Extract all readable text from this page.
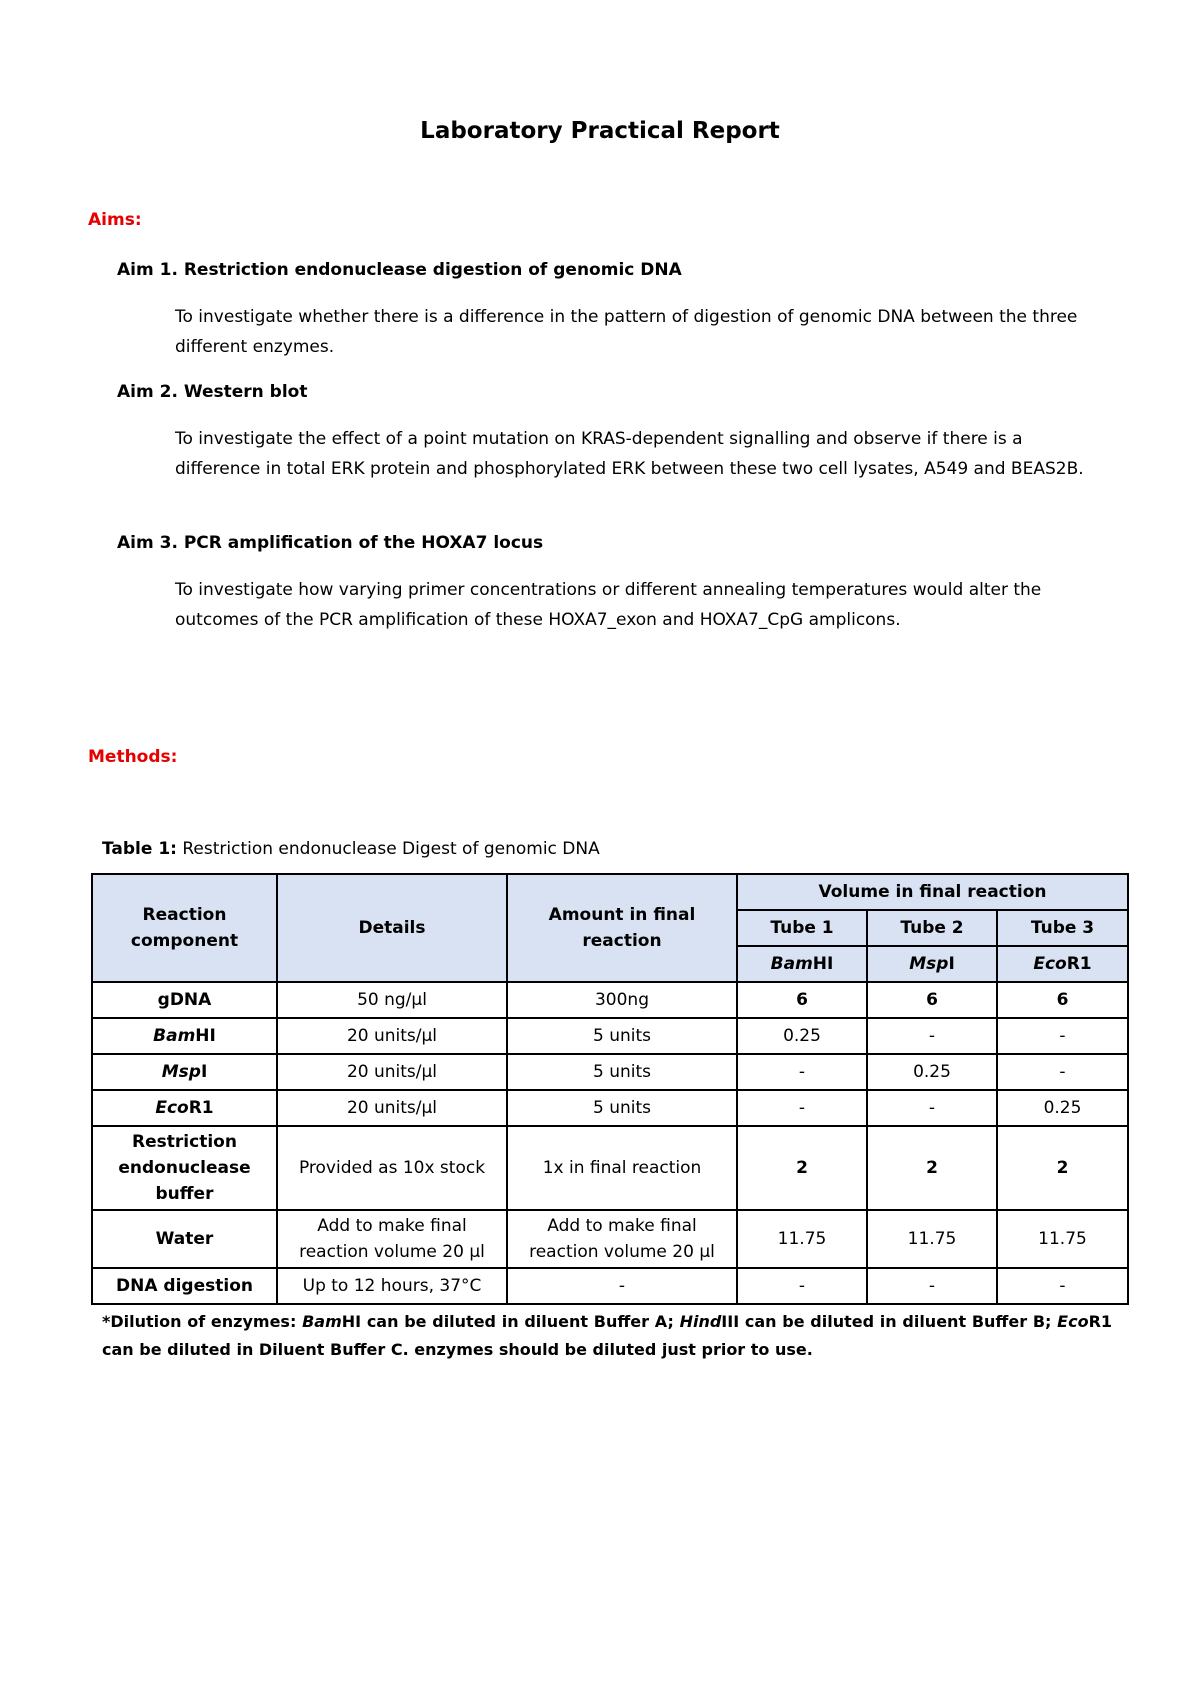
Laboratory Practical Report
Aims:
Aim 1. Restriction endonuclease digestion of genomic DNA
To investigate whether there is a difference in the pattern of digestion of genomic DNA between the three different enzymes.
Aim 2. Western blot
To investigate the effect of a point mutation on KRAS-dependent signalling and observe if there is a difference in total ERK protein and phosphorylated ERK between these two cell lysates, A549 and BEAS2B.
Aim 3. PCR amplification of the HOXA7 locus
To investigate how varying primer concentrations or different annealing temperatures would alter the outcomes of the PCR amplification of these HOXA7_exon and HOXA7_CpG amplicons.
Methods:
Table 1: Restriction endonuclease Digest of genomic DNA
Reaction component	Details	Amount in final reaction	Volume in final reaction		
			Tube 1	Tube 2	Tube 3
			BamHI	MspI	EcoR1
gDNA	50 ng/µl	300ng	6	6	6
BamHI	20 units/µl	5 units	0.25	-	-
MspI	20 units/µl	5 units	-	0.25	-
EcoR1	20 units/µl	5 units	-	-	0.25
Restriction endonuclease buffer	Provided as 10x stock	1x in final reaction	2	2	2
Water	Add to make final reaction volume 20 µl	Add to make final reaction volume 20 µl	11.75	11.75	11.75
DNA digestion	Up to 12 hours, 37°C	-	-	-	-
*Dilution of enzymes: BamHI can be diluted in diluent Buffer A; HindIII can be diluted in diluent Buffer B; EcoR1 can be diluted in Diluent Buffer C. enzymes should be diluted just prior to use.
